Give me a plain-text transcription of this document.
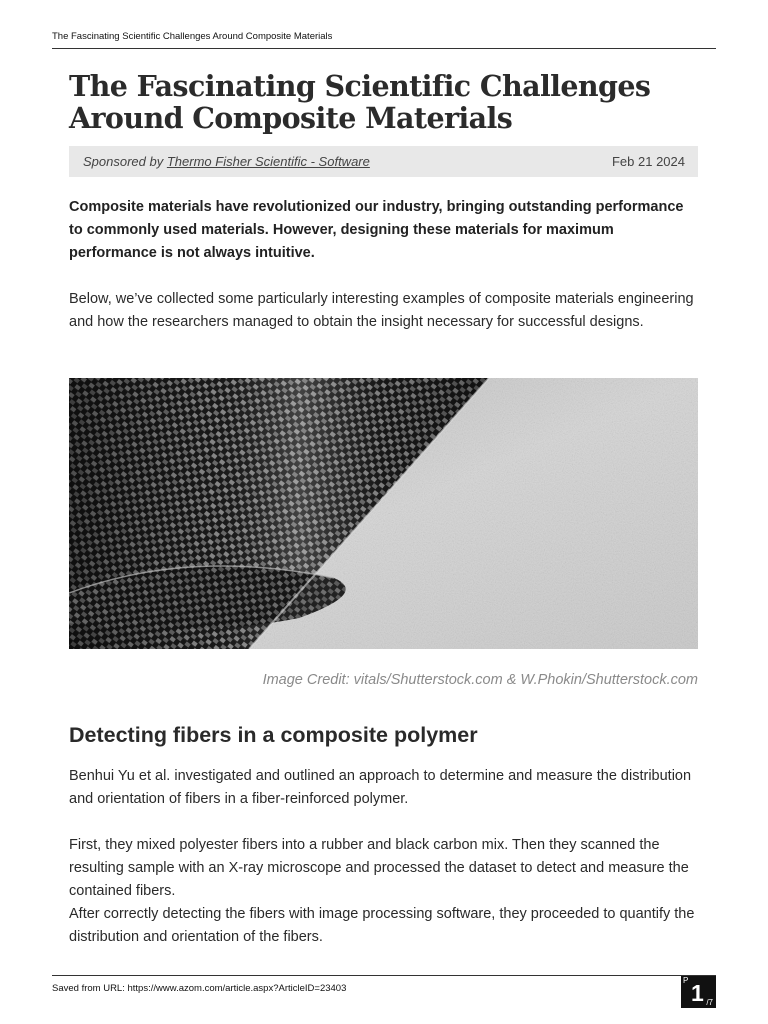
The Fascinating Scientific Challenges Around Composite Materials
The Fascinating Scientific Challenges
Around Composite Materials
Sponsored by Thermo Fisher Scientific - Software	Feb 21 2024

Composite materials have revolutionized our industry, bringing outstanding performance to commonly used materials. However, designing these materials for maximum performance is not always intuitive.

Below, we’ve collected some particularly interesting examples of composite materials engineering and how the researchers managed to obtain the insight necessary for successful designs.

Image Credit: vitals/Shutterstock.com & W.Phokin/Shutterstock.com
Detecting fibers in a composite polymer

Benhui Yu et al. investigated and outlined an approach to determine and measure the distribution and orientation of fibers in a fiber-reinforced polymer.

First, they mixed polyester fibers into a rubber and black carbon mix. Then they scanned the resulting sample with an X-ray microscope and processed the dataset to detect and measure the contained fibers.

After correctly detecting the fibers with image processing software, they proceeded to quantify the distribution and orientation of the fibers.

Saved from URL: https://www.azom.com/article.aspx?ArticleID=23403
P 1 /7
